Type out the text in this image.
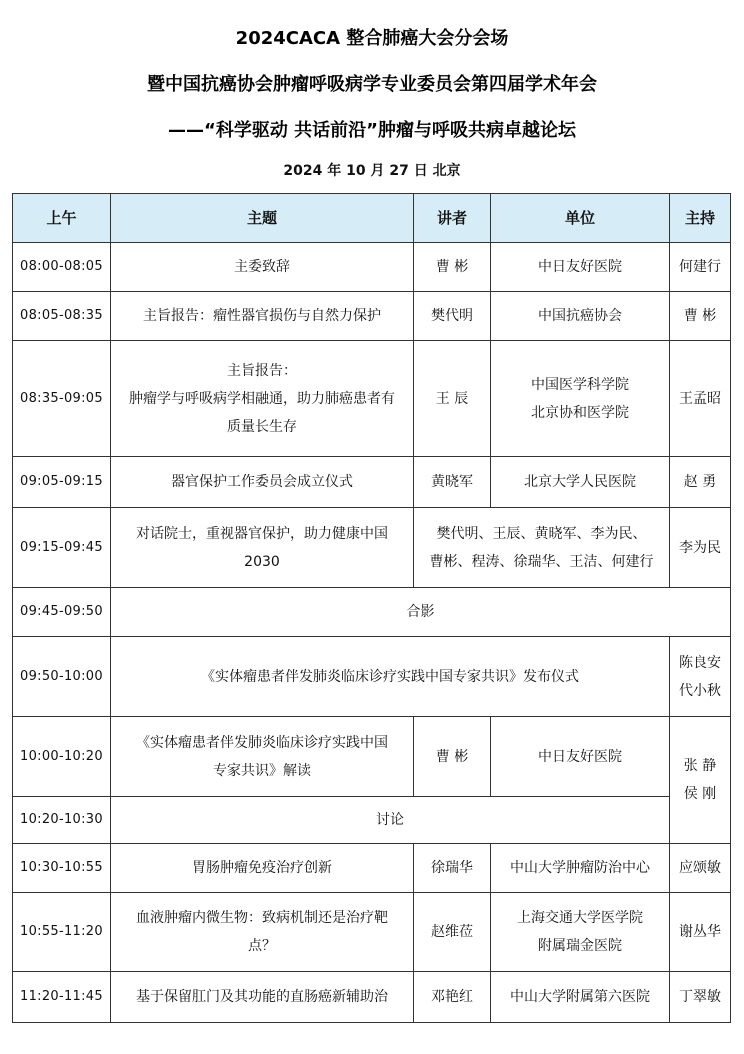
2024CACA 整合肺癌大会分会场
暨中国抗癌协会肿瘤呼吸病学专业委员会第四届学术年会
——“科学驱动 共话前沿”肿瘤与呼吸共病卓越论坛
2024 年 10 月 27 日 北京
上午	主题	讲者	单位	主持
08:00-08:05	主委致辞	曹 彬	中日友好医院	何建行
08:05-08:35	主旨报告：瘤性器官损伤与自然力保护	樊代明	中国抗癌协会	曹 彬
08:35-09:05	主旨报告：
肿瘤学与呼吸病学相融通，助力肺癌患者有
质量长生存	王 辰	中国医学科学院
北京协和医学院	王孟昭
09:05-09:15	器官保护工作委员会成立仪式	黄晓军	北京大学人民医院	赵 勇
09:15-09:45	对话院士，重视器官保护，助力健康中国
2030	樊代明、王辰、黄晓军、李为民、
曹彬、程涛、徐瑞华、王洁、何建行		李为民
09:45-09:50	合影			
09:50-10:00	《实体瘤患者伴发肺炎临床诊疗实践中国专家共识》发布仪式			陈良安
代小秋

10:00-10:20	《实体瘤患者伴发肺炎临床诊疗实践中国
专家共识》解读	曹 彬	中日友好医院	张 静
侯 刚

10:20-10:30	讨论			
10:30-10:55	胃肠肿瘤免疫治疗创新	徐瑞华	中山大学肿瘤防治中心	应颂敏
10:55-11:20	血液肿瘤内微生物：致病机制还是治疗靶
点？	赵维莅	上海交通大学医学院
附属瑞金医院	谢丛华
11:20-11:45	基于保留肛门及其功能的直肠癌新辅助治	邓艳红	中山大学附属第六医院	丁翠敏
